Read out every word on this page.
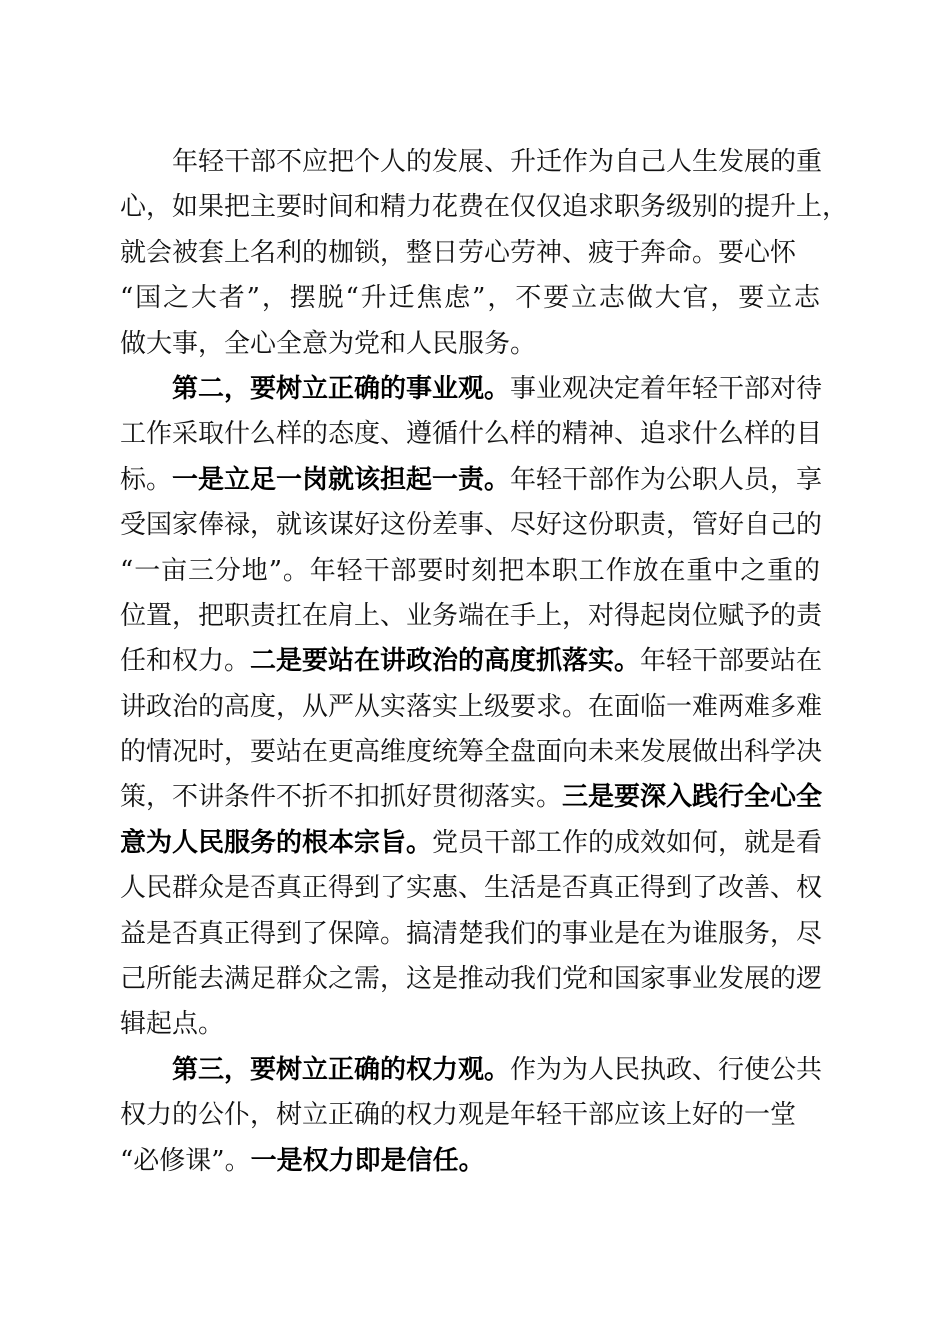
年轻干部不应把个人的发展、升迁作为自己人生发展的重
心，如果把主要时间和精力花费在仅仅追求职务级别的提升上，
就会被套上名利的枷锁，整日劳心劳神、疲于奔命。要心怀
“国之大者”，摆脱“升迁焦虑”，不要立志做大官，要立志
做大事，全心全意为党和人民服务。
第二，要树立正确的事业观。事业观决定着年轻干部对待
工作采取什么样的态度、遵循什么样的精神、追求什么样的目
标。一是立足一岗就该担起一责。年轻干部作为公职人员，享
受国家俸禄，就该谋好这份差事、尽好这份职责，管好自己的
“一亩三分地”。年轻干部要时刻把本职工作放在重中之重的
位置，把职责扛在肩上、业务端在手上，对得起岗位赋予的责
任和权力。二是要站在讲政治的高度抓落实。年轻干部要站在
讲政治的高度，从严从实落实上级要求。在面临一难两难多难
的情况时，要站在更高维度统筹全盘面向未来发展做出科学决
策，不讲条件不折不扣抓好贯彻落实。三是要深入践行全心全
意为人民服务的根本宗旨。党员干部工作的成效如何，就是看
人民群众是否真正得到了实惠、生活是否真正得到了改善、权
益是否真正得到了保障。搞清楚我们的事业是在为谁服务，尽
己所能去满足群众之需，这是推动我们党和国家事业发展的逻
辑起点。
第三，要树立正确的权力观。作为为人民执政、行使公共
权力的公仆，树立正确的权力观是年轻干部应该上好的一堂
“必修课”。一是权力即是信任。
